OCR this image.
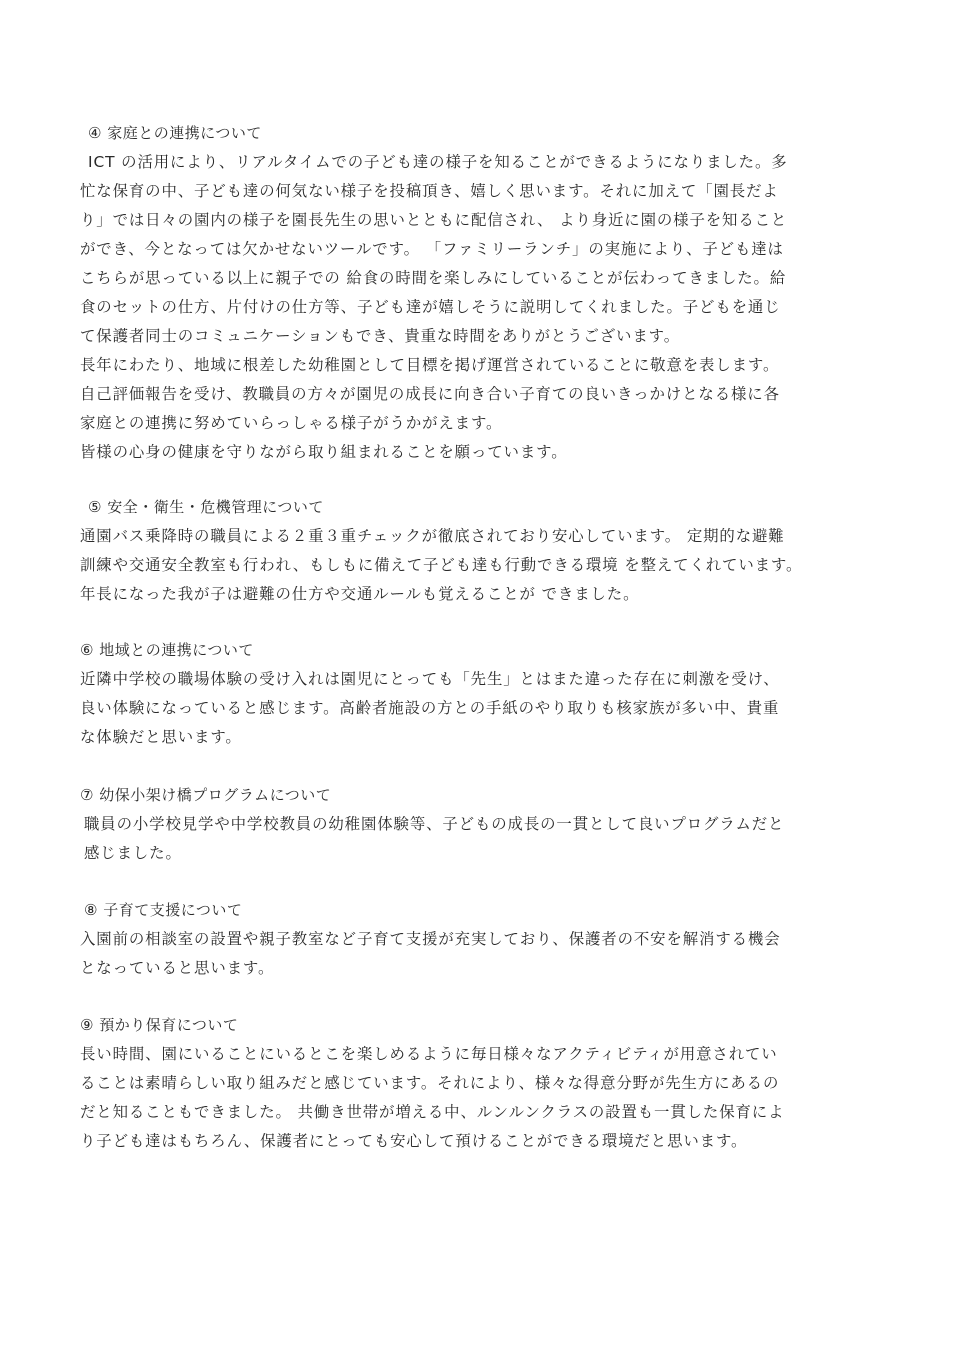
④ 家庭との連携について
ICT の活用により、リアルタイムでの子ども達の様子を知ることができるようになりました。多
忙な保育の中、子ども達の何気ない様子を投稿頂き、嬉しく思います。それに加えて「園長だよ
り」では日々の園内の様子を園長先生の思いとともに配信され、 より身近に園の様子を知ること
ができ、今となっては欠かせないツールです。 「ファミリーランチ」の実施により、子ども達は
こちらが思っている以上に親子での 給食の時間を楽しみにしていることが伝わってきました。給
食のセットの仕方、片付けの仕方等、子ども達が嬉しそうに説明してくれました。子どもを通じ
て保護者同士のコミュニケーションもでき、貴重な時間をありがとうございます。
長年にわたり、地域に根差した幼稚園として目標を掲げ運営されていることに敬意を表します。
自己評価報告を受け、教職員の方々が園児の成長に向き合い子育ての良いきっかけとなる様に各
家庭との連携に努めていらっしゃる様子がうかがえます。
皆様の心身の健康を守りながら取り組まれることを願っています。
⑤ 安全・衛生・危機管理について
通園バス乗降時の職員による２重３重チェックが徹底されており安心しています。 定期的な避難
訓練や交通安全教室も行われ、もしもに備えて子ども達も行動できる環境 を整えてくれています。
年長になった我が子は避難の仕方や交通ルールも覚えることが できました。
⑥ 地域との連携について
近隣中学校の職場体験の受け入れは園児にとっても「先生」とはまた違った存在に刺激を受け、
良い体験になっていると感じます。高齢者施設の方との手紙のやり取りも核家族が多い中、貴重
な体験だと思います。
⑦ 幼保小架け橋プログラムについて
職員の小学校見学や中学校教員の幼稚園体験等、子どもの成長の一貫として良いプログラムだと
感じました。
⑧ 子育て支援について
入園前の相談室の設置や親子教室など子育て支援が充実しており、保護者の不安を解消する機会
となっていると思います。
⑨ 預かり保育について
長い時間、園にいることにいるとこを楽しめるように毎日様々なアクティビティが用意されてい
ることは素晴らしい取り組みだと感じています。それにより、様々な得意分野が先生方にあるの
だと知ることもできました。 共働き世帯が増える中、ルンルンクラスの設置も一貫した保育によ
り子ども達はもちろん、保護者にとっても安心して預けることができる環境だと思います。
